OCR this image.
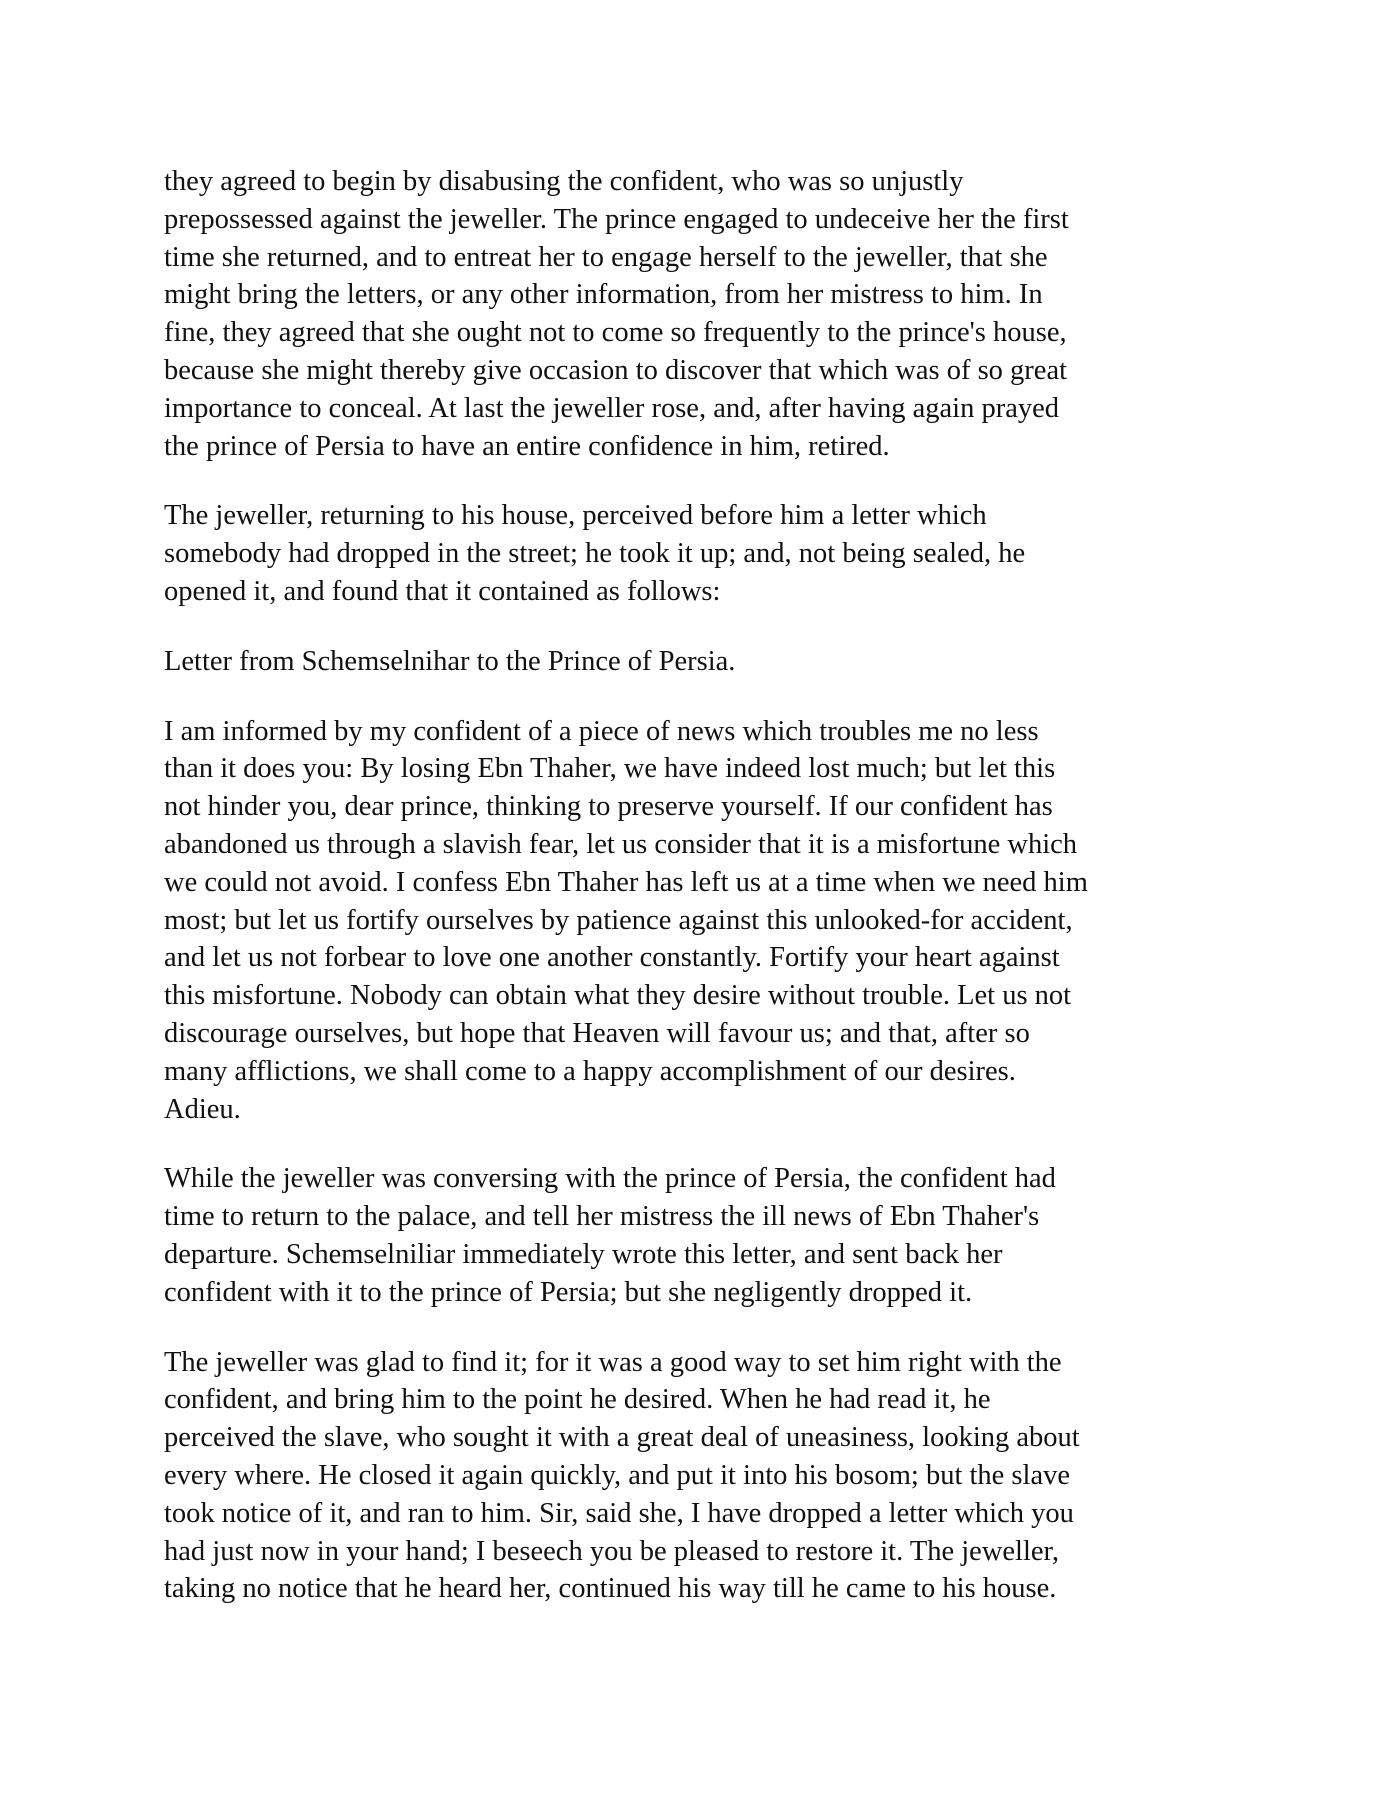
they agreed to begin by disabusing the confident, who was so unjustly
prepossessed against the jeweller. The prince engaged to undeceive her the first
time she returned, and to entreat her to engage herself to the jeweller, that she
might bring the letters, or any other information, from her mistress to him. In
fine, they agreed that she ought not to come so frequently to the prince's house,
because she might thereby give occasion to discover that which was of so great
importance to conceal. At last the jeweller rose, and, after having again prayed
the prince of Persia to have an entire confidence in him, retired.

The jeweller, returning to his house, perceived before him a letter which
somebody had dropped in the street; he took it up; and, not being sealed, he
opened it, and found that it contained as follows:

Letter from Schemselnihar to the Prince of Persia.

I am informed by my confident of a piece of news which troubles me no less
than it does you: By losing Ebn Thaher, we have indeed lost much; but let this
not hinder you, dear prince, thinking to preserve yourself. If our confident has
abandoned us through a slavish fear, let us consider that it is a misfortune which
we could not avoid. I confess Ebn Thaher has left us at a time when we need him
most; but let us fortify ourselves by patience against this unlooked-for accident,
and let us not forbear to love one another constantly. Fortify your heart against
this misfortune. Nobody can obtain what they desire without trouble. Let us not
discourage ourselves, but hope that Heaven will favour us; and that, after so
many afflictions, we shall come to a happy accomplishment of our desires.
Adieu.

While the jeweller was conversing with the prince of Persia, the confident had
time to return to the palace, and tell her mistress the ill news of Ebn Thaher's
departure. Schemselniliar immediately wrote this letter, and sent back her
confident with it to the prince of Persia; but she negligently dropped it.

The jeweller was glad to find it; for it was a good way to set him right with the
confident, and bring him to the point he desired. When he had read it, he
perceived the slave, who sought it with a great deal of uneasiness, looking about
every where. He closed it again quickly, and put it into his bosom; but the slave
took notice of it, and ran to him. Sir, said she, I have dropped a letter which you
had just now in your hand; I beseech you be pleased to restore it. The jeweller,
taking no notice that he heard her, continued his way till he came to his house.
